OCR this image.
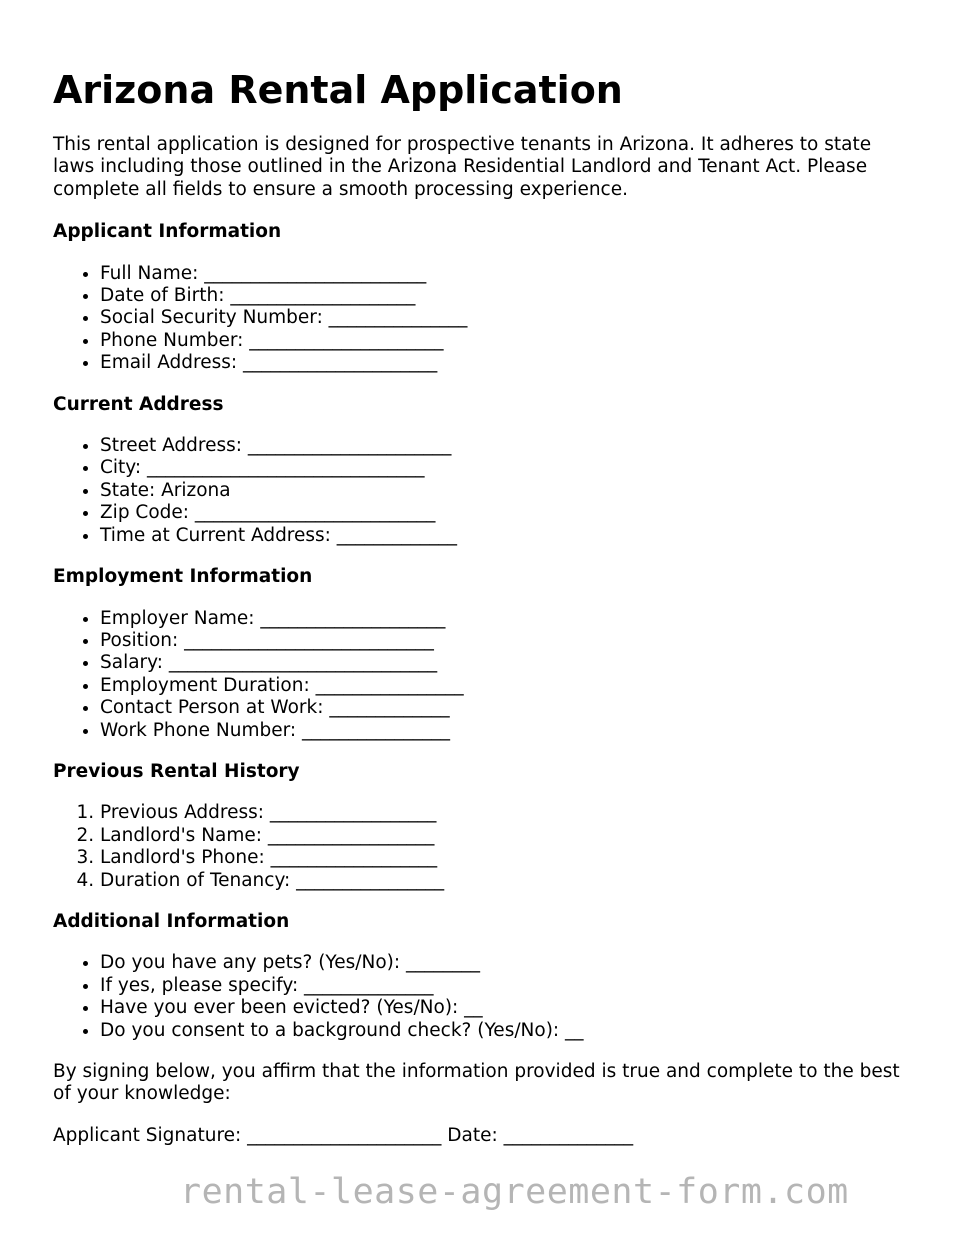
Arizona Rental Application

This rental application is designed for prospective tenants in Arizona. It adheres to state laws including those outlined in the Arizona Residential Landlord and Tenant Act. Please complete all fields to ensure a smooth processing experience.

Applicant Information
• Full Name: ________________________
• Date of Birth: ____________________
• Social Security Number: _______________
• Phone Number: _____________________
• Email Address: _____________________
Current Address
• Street Address: ______________________
• City: ______________________________
• State: Arizona
• Zip Code: __________________________
• Time at Current Address: _____________
Employment Information
• Employer Name: ____________________
• Position: ___________________________
• Salary: _____________________________
• Employment Duration: ________________
• Contact Person at Work: _____________
• Work Phone Number: ________________
Previous Rental History
1. Previous Address: __________________
2. Landlord's Name: __________________
3. Landlord's Phone: __________________
4. Duration of Tenancy: ________________
Additional Information
• Do you have any pets? (Yes/No): ________
• If yes, please specify: ______________
• Have you ever been evicted? (Yes/No): __
• Do you consent to a background check? (Yes/No): __

By signing below, you affirm that the information provided is true and complete to the best of your knowledge:

Applicant Signature: _____________________ Date: ______________

rental-lease-agreement-form.com
